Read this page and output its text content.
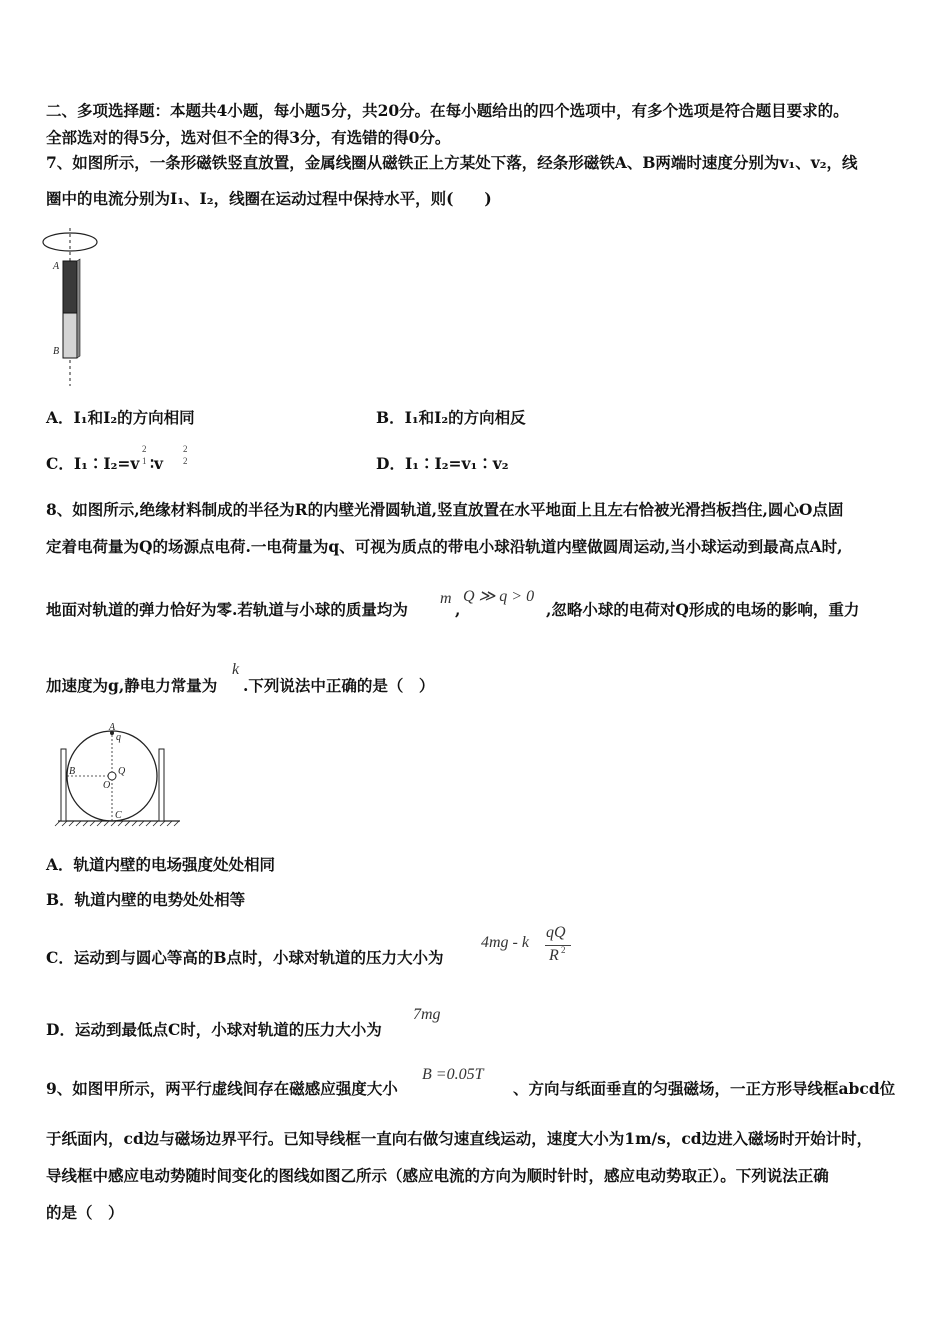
二、多项选择题：本题共4小题，每小题5分，共20分。在每小题给出的四个选项中，有多个选项是符合题目要求的。
全部选对的得5分，选对但不全的得3分，有选错的得0分。
7、如图所示，一条形磁铁竖直放置，金属线圈从磁铁正上方某处下落，经条形磁铁A、B两端时速度分别为v₁、v₂，线
圈中的电流分别为I₁、I₂，线圈在运动过程中保持水平，则(　　)
A
B
A．I₁和I₂的方向相同	B．I₁和I₂的方向相反
C．I₁∶I₂=v
2
1 ∶v
2
2	D．I₁∶I₂=v₁∶v₂
8、如图所示,绝缘材料制成的半径为R的内壁光滑圆轨道,竖直放置在水平地面上且左右恰被光滑挡板挡住,圆心O点固
定着电荷量为Q的场源点电荷.一电荷量为q、可视为质点的带电小球沿轨道内壁做圆周运动,当小球运动到最高点A时,
地面对轨道的弹力恰好为零.若轨道与小球的质量均为
m
,
Q ≫ q > 0
,忽略小球的电荷对Q形成的电场的影响，重力
加速度为g,静电力常量为
k
.下列说法中正确的是（　）
A
q
B	Q
O
C
A．轨道内壁的电场强度处处相同
B．轨道内壁的电势处处相等
C．运动到与圆心等高的B点时，小球对轨道的压力大小为
4mg - k
qQ
R 2
D．运动到最低点C时，小球对轨道的压力大小为
7mg
9、如图甲所示，两平行虚线间存在磁感应强度大小
B =0.05T
、方向与纸面垂直的匀强磁场，一正方形导线框abcd位
于纸面内，cd边与磁场边界平行。已知导线框一直向右做匀速直线运动，速度大小为1m/s，cd边进入磁场时开始计时，
导线框中感应电动势随时间变化的图线如图乙所示（感应电流的方向为顺时针时，感应电动势取正）。下列说法正确
的是（　）
